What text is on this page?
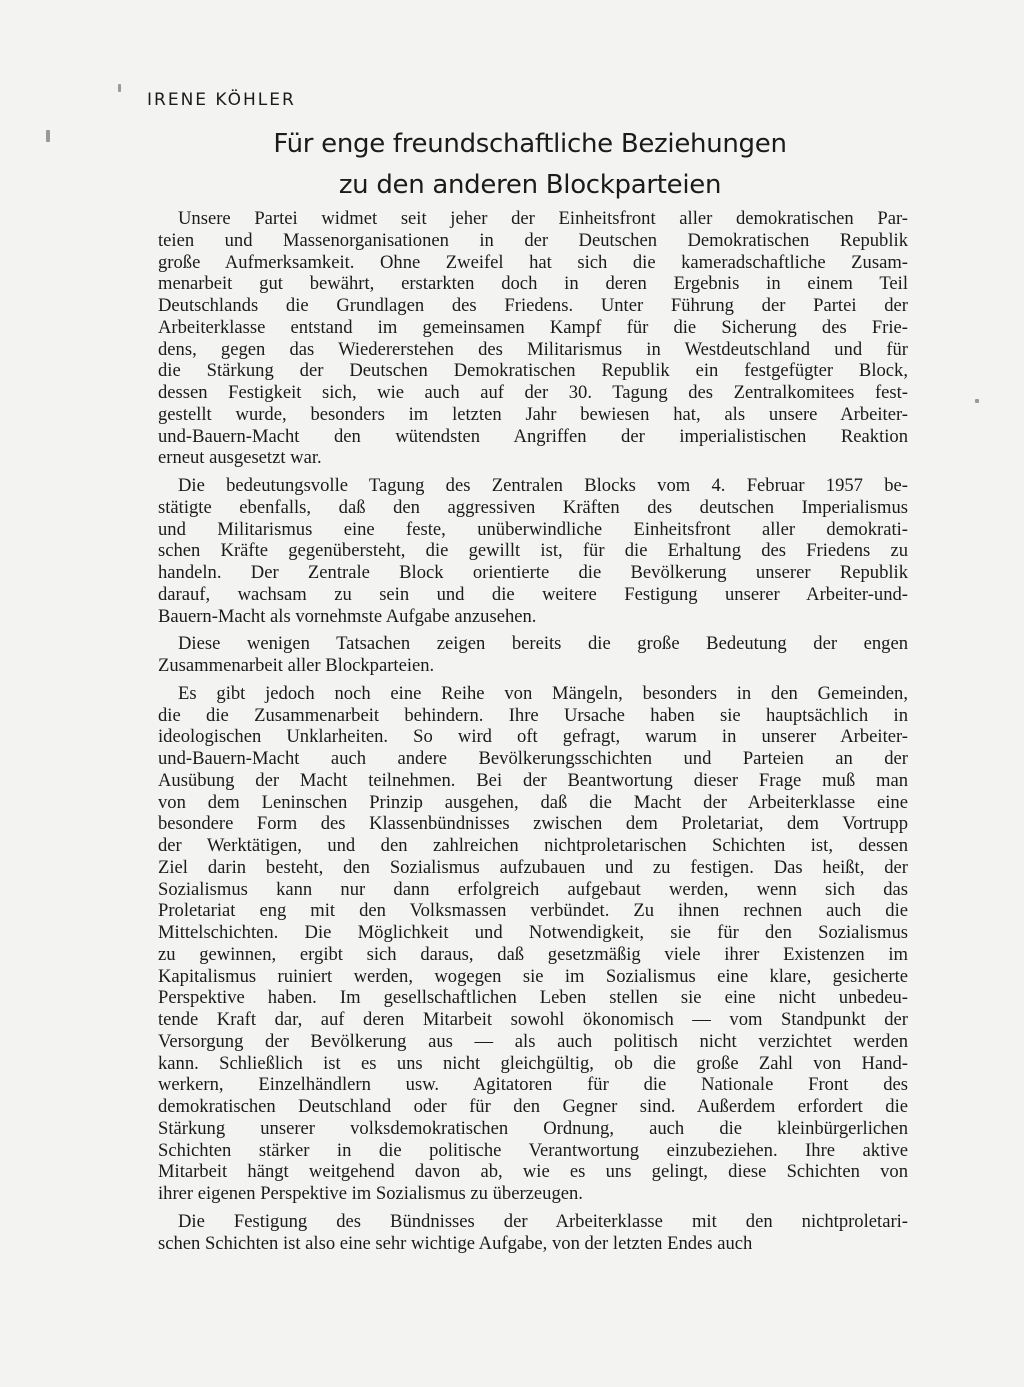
IRENE KÖHLER
Für enge freundschaftliche Beziehungen
zu den anderen Blockparteien
Unsere Partei widmet seit jeher der Einheitsfront aller demokratischen Par-
teien und Massenorganisationen in der Deutschen Demokratischen Republik
große Aufmerksamkeit. Ohne Zweifel hat sich die kameradschaftliche Zusam-
menarbeit gut bewährt, erstarkten doch in deren Ergebnis in einem Teil
Deutschlands die Grundlagen des Friedens. Unter Führung der Partei der
Arbeiterklasse entstand im gemeinsamen Kampf für die Sicherung des Frie-
dens, gegen das Wiedererstehen des Militarismus in Westdeutschland und für
die Stärkung der Deutschen Demokratischen Republik ein festgefügter Block,
dessen Festigkeit sich, wie auch auf der 30. Tagung des Zentralkomitees fest-
gestellt wurde, besonders im letzten Jahr bewiesen hat, als unsere Arbeiter-
und-Bauern-Macht den wütendsten Angriffen der imperialistischen Reaktion
erneut ausgesetzt war.
Die bedeutungsvolle Tagung des Zentralen Blocks vom 4. Februar 1957 be-
stätigte ebenfalls, daß den aggressiven Kräften des deutschen Imperialismus
und Militarismus eine feste, unüberwindliche Einheitsfront aller demokrati-
schen Kräfte gegenübersteht, die gewillt ist, für die Erhaltung des Friedens zu
handeln. Der Zentrale Block orientierte die Bevölkerung unserer Republik
darauf, wachsam zu sein und die weitere Festigung unserer Arbeiter-und-
Bauern-Macht als vornehmste Aufgabe anzusehen.
Diese wenigen Tatsachen zeigen bereits die große Bedeutung der engen
Zusammenarbeit aller Blockparteien.
Es gibt jedoch noch eine Reihe von Mängeln, besonders in den Gemeinden,
die die Zusammenarbeit behindern. Ihre Ursache haben sie hauptsächlich in
ideologischen Unklarheiten. So wird oft gefragt, warum in unserer Arbeiter-
und-Bauern-Macht auch andere Bevölkerungsschichten und Parteien an der
Ausübung der Macht teilnehmen. Bei der Beantwortung dieser Frage muß man
von dem Leninschen Prinzip ausgehen, daß die Macht der Arbeiterklasse eine
besondere Form des Klassenbündnisses zwischen dem Proletariat, dem Vortrupp
der Werktätigen, und den zahlreichen nichtproletarischen Schichten ist, dessen
Ziel darin besteht, den Sozialismus aufzubauen und zu festigen. Das heißt, der
Sozialismus kann nur dann erfolgreich aufgebaut werden, wenn sich das
Proletariat eng mit den Volksmassen verbündet. Zu ihnen rechnen auch die
Mittelschichten. Die Möglichkeit und Notwendigkeit, sie für den Sozialismus
zu gewinnen, ergibt sich daraus, daß gesetzmäßig viele ihrer Existenzen im
Kapitalismus ruiniert werden, wogegen sie im Sozialismus eine klare, gesicherte
Perspektive haben. Im gesellschaftlichen Leben stellen sie eine nicht unbedeu-
tende Kraft dar, auf deren Mitarbeit sowohl ökonomisch — vom Standpunkt der
Versorgung der Bevölkerung aus — als auch politisch nicht verzichtet werden
kann. Schließlich ist es uns nicht gleichgültig, ob die große Zahl von Hand-
werkern, Einzelhändlern usw. Agitatoren für die Nationale Front des
demokratischen Deutschland oder für den Gegner sind. Außerdem erfordert die
Stärkung unserer volksdemokratischen Ordnung, auch die kleinbürgerlichen
Schichten stärker in die politische Verantwortung einzubeziehen. Ihre aktive
Mitarbeit hängt weitgehend davon ab, wie es uns gelingt, diese Schichten von
ihrer eigenen Perspektive im Sozialismus zu überzeugen.
Die Festigung des Bündnisses der Arbeiterklasse mit den nichtproletari-
schen Schichten ist also eine sehr wichtige Aufgabe, von der letzten Endes auch
